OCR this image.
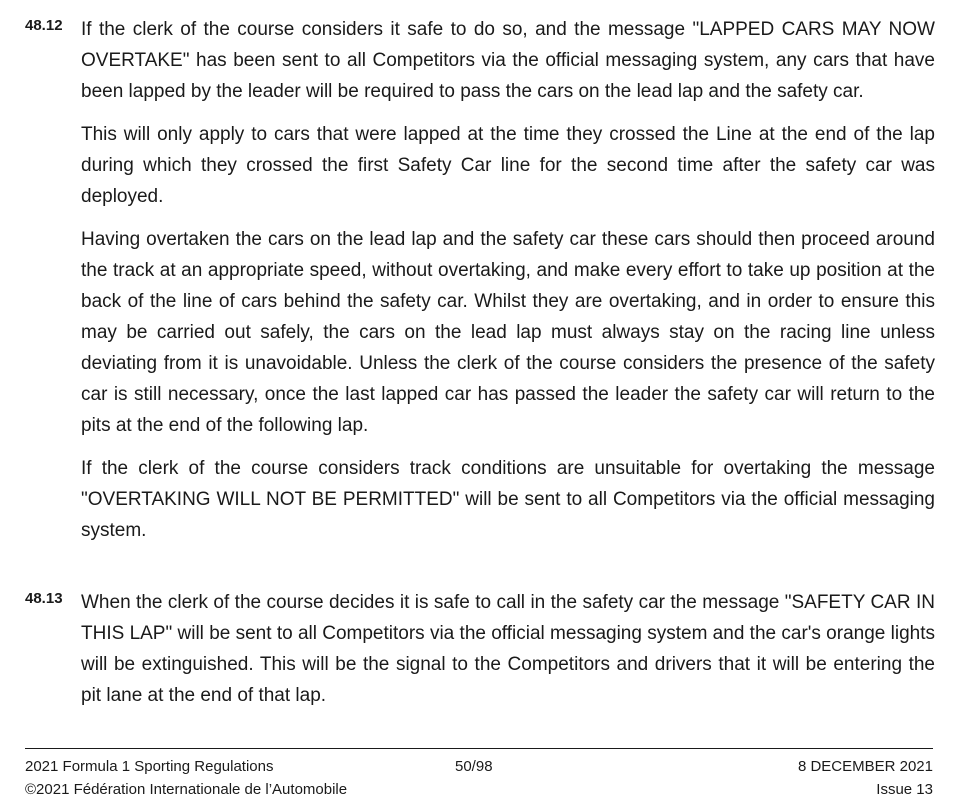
48.12 If the clerk of the course considers it safe to do so, and the message "LAPPED CARS MAY NOW OVERTAKE" has been sent to all Competitors via the official messaging system, any cars that have been lapped by the leader will be required to pass the cars on the lead lap and the safety car.

This will only apply to cars that were lapped at the time they crossed the Line at the end of the lap during which they crossed the first Safety Car line for the second time after the safety car was deployed.

Having overtaken the cars on the lead lap and the safety car these cars should then proceed around the track at an appropriate speed, without overtaking, and make every effort to take up position at the back of the line of cars behind the safety car. Whilst they are overtaking, and in order to ensure this may be carried out safely, the cars on the lead lap must always stay on the racing line unless deviating from it is unavoidable. Unless the clerk of the course considers the presence of the safety car is still necessary, once the last lapped car has passed the leader the safety car will return to the pits at the end of the following lap.

If the clerk of the course considers track conditions are unsuitable for overtaking the message "OVERTAKING WILL NOT BE PERMITTED" will be sent to all Competitors via the official messaging system.

48.13 When the clerk of the course decides it is safe to call in the safety car the message "SAFETY CAR IN THIS LAP" will be sent to all Competitors via the official messaging system and the car's orange lights will be extinguished. This will be the signal to the Competitors and drivers that it will be entering the pit lane at the end of that lap.

2021 Formula 1 Sporting Regulations	50/98	8 DECEMBER 2021
©2021 Fédération Internationale de l’Automobile	Issue 13
